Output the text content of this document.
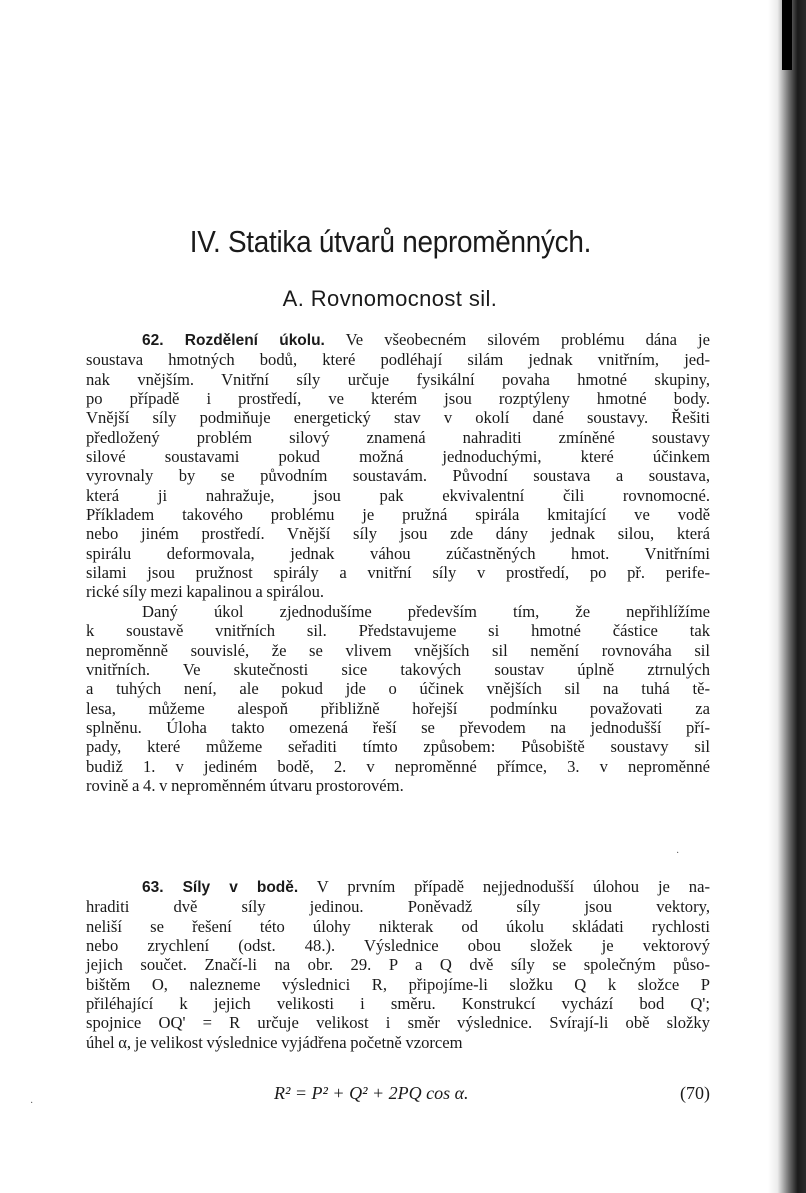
IV. Statika útvarů neproměnných.
A. Rovnomocnost sil.
62. Rozdělení úkolu. Ve všeobecném silovém problému dána je
soustava hmotných bodů, které podléhají silám jednak vnitřním, jed-
nak vnějším. Vnitřní síly určuje fysikální povaha hmotné skupiny,
po případě i prostředí, ve kterém jsou rozptýleny hmotné body.
Vnější síly podmiňuje energetický stav v okolí dané soustavy. Řešiti
předložený problém silový znamená nahraditi zmíněné soustavy
silové soustavami pokud možná jednoduchými, které účinkem
vyrovnaly by se původním soustavám. Původní soustava a soustava,
která ji nahražuje, jsou pak ekvivalentní čili rovnomocné.
Příkladem takového problému je pružná spirála kmitající ve vodě
nebo jiném prostředí. Vnější síly jsou zde dány jednak silou, která
spirálu deformovala, jednak váhou zúčastněných hmot. Vnitřními
silami jsou pružnost spirály a vnitřní síly v prostředí, po př. perife-
rické síly mezi kapalinou a spirálou.
Daný úkol zjednodušíme především tím, že nepřihlížíme
k soustavě vnitřních sil. Představujeme si hmotné částice tak
neproměnně souvislé, že se vlivem vnějších sil nemění rovnováha sil
vnitřních. Ve skutečnosti sice takových soustav úplně ztrnulých
a tuhých není, ale pokud jde o účinek vnějších sil na tuhá tě-
lesa, můžeme alespoň přibližně hořejší podmínku považovati za
splněnu. Úloha takto omezená řeší se převodem na jednodušší pří-
pady, které můžeme seřaditi tímto způsobem: Působiště soustavy sil
budiž 1. v jediném bodě, 2. v neproměnné přímce, 3. v neproměnné
rovině a 4. v neproměnném útvaru prostorovém.
63. Síly v bodě. V prvním případě nejjednodušší úlohou je na-
hraditi dvě síly jedinou. Poněvadž síly jsou vektory,
neliší se řešení této úlohy nikterak od úkolu skládati rychlosti
nebo zrychlení (odst. 48.). Výslednice obou složek je vektorový
jejich součet. Značí-li na obr. 29. P a Q dvě síly se společným půso-
bištěm O, nalezneme výslednici R, připojíme-li složku Q k složce P
přiléhající k jejich velikosti i směru. Konstrukcí vychází bod Q';
spojnice OQ' = R určuje velikost i směr výslednice. Svírají-li obě složky
úhel α, je velikost výslednice vyjádřena početně vzorcem
R² = P² + Q² + 2PQ cos α.	(70)
·
·
